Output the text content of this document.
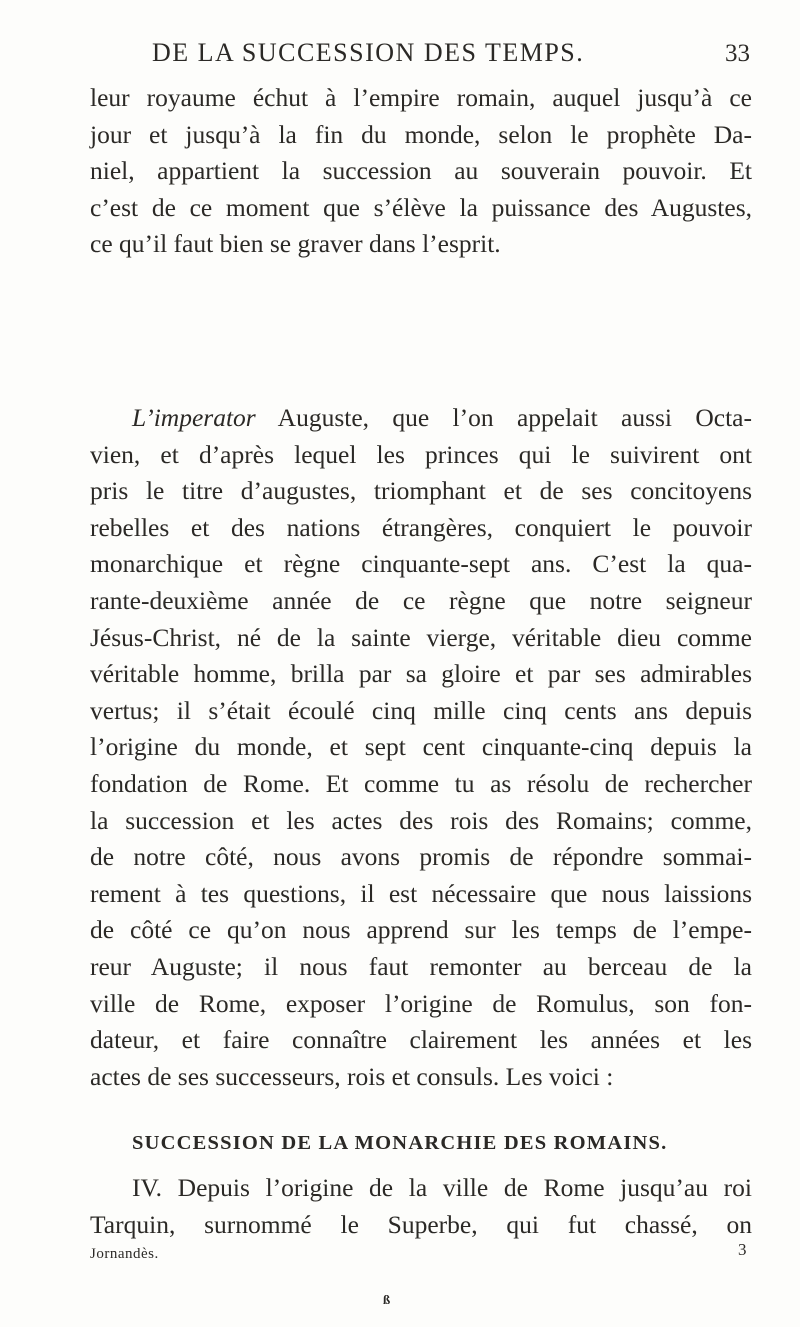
DE LA SUCCESSION DES TEMPS.	33

leur royaume échut à l’empire romain, auquel jusqu’à ce
jour et jusqu’à la fin du monde, selon le prophète Da-
niel, appartient la succession au souverain pouvoir. Et
c’est de ce moment que s’élève la puissance des Augustes,
ce qu’il faut bien se graver dans l’esprit.

L’imperator Auguste, que l’on appelait aussi Octa-
vien, et d’après lequel les princes qui le suivirent ont
pris le titre d’augustes, triomphant et de ses concitoyens
rebelles et des nations étrangères, conquiert le pouvoir
monarchique et règne cinquante-sept ans. C’est la qua-
rante-deuxième année de ce règne que notre seigneur
Jésus-Christ, né de la sainte vierge, véritable dieu comme
véritable homme, brilla par sa gloire et par ses admirables
vertus; il s’était écoulé cinq mille cinq cents ans depuis
l’origine du monde, et sept cent cinquante-cinq depuis la
fondation de Rome. Et comme tu as résolu de rechercher
la succession et les actes des rois des Romains; comme,
de notre côté, nous avons promis de répondre sommai-
rement à tes questions, il est nécessaire que nous laissions
de côté ce qu’on nous apprend sur les temps de l’empe-
reur Auguste; il nous faut remonter au berceau de la
ville de Rome, exposer l’origine de Romulus, son fon-
dateur, et faire connaître clairement les années et les
actes de ses successeurs, rois et consuls. Les voici :

SUCCESSION DE LA MONARCHIE DES ROMAINS.

IV. Depuis l’origine de la ville de Rome jusqu’au roi
Tarquin, surnommé le Superbe, qui fut chassé, on

Jornandès.	3
ß
